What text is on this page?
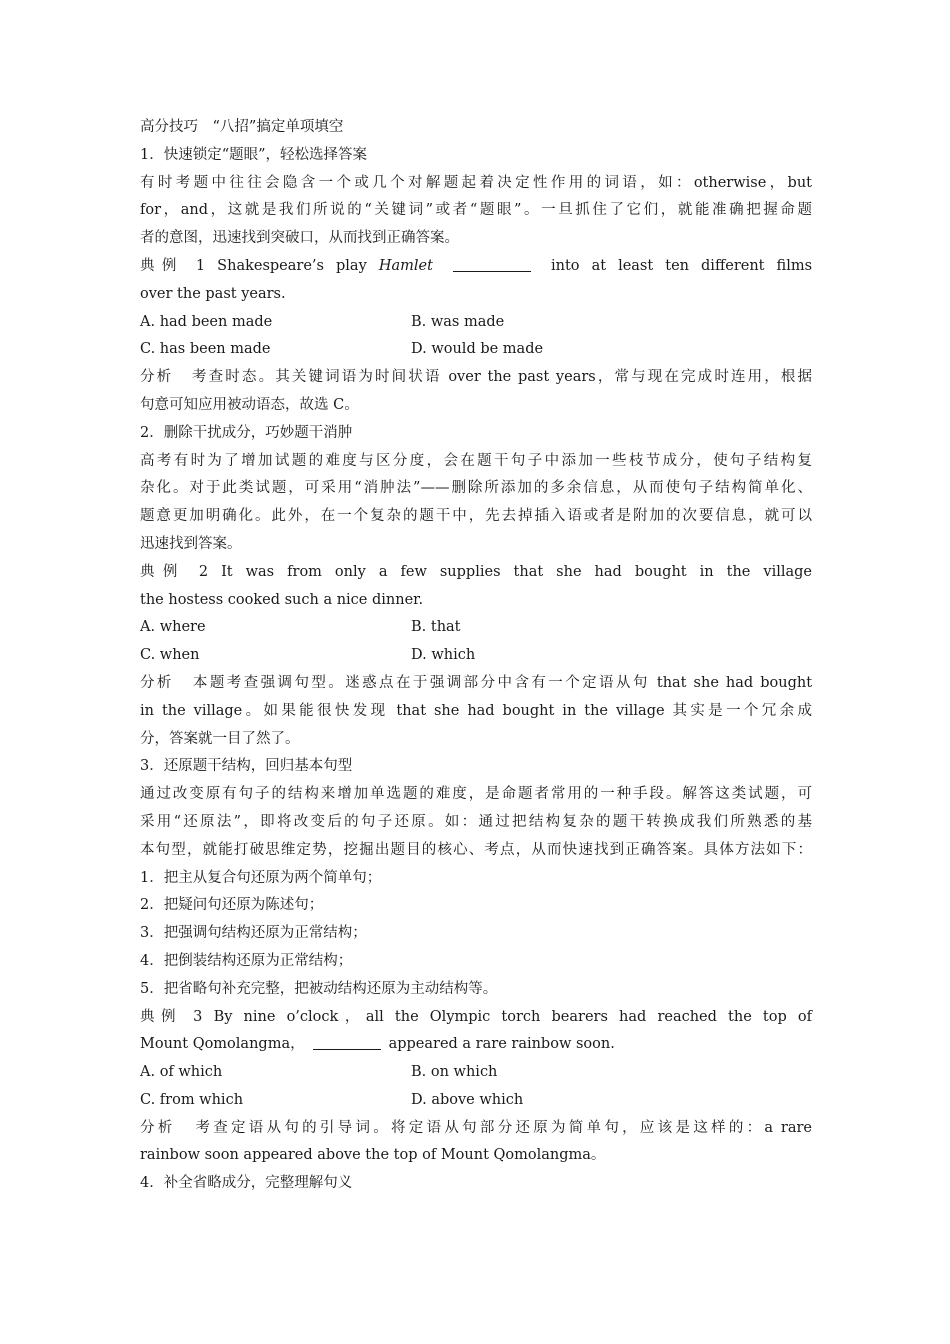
高分技巧　“八招”搞定单项填空
1．快速锁定“题眼”，轻松选择答案
有时考题中往往会隐含一个或几个对解题起着决定性作用的词语，如：otherwise，but
for，and，这就是我们所说的“关键词”或者“题眼”。一旦抓住了它们，就能准确把握命题
者的意图，迅速找到突破口，从而找到正确答案。
典例 1 Shakespeare’s play Hamlet	into at least ten different films
over the past years.
A. had been made	B. was made
C. has been made	D. would be made
分析 考查时态。其关键词语为时间状语 over the past years，常与现在完成时连用，根据
句意可知应用被动语态，故选 C。
2．删除干扰成分，巧妙题干消肿
高考有时为了增加试题的难度与区分度，会在题干句子中添加一些枝节成分，使句子结构复
杂化。对于此类试题，可采用“消肿法”——删除所添加的多余信息，从而使句子结构简单化、
题意更加明确化。此外，在一个复杂的题干中，先去掉插入语或者是附加的次要信息，就可以
迅速找到答案。
典例 2 It was from only a few supplies that she had bought in the village
the hostess cooked such a nice dinner.
A. where	B. that
C. when	D. which
分析 本题考查强调句型。迷惑点在于强调部分中含有一个定语从句 that she had bought
in the village。如果能很快发现 that she had bought in the village 其实是一个冗余成
分，答案就一目了然了。
3．还原题干结构，回归基本句型
通过改变原有句子的结构来增加单选题的难度，是命题者常用的一种手段。解答这类试题，可
采用“还原法”，即将改变后的句子还原。如：通过把结构复杂的题干转换成我们所熟悉的基
本句型，就能打破思维定势，挖掘出题目的核心、考点，从而快速找到正确答案。具体方法如下：
1．把主从复合句还原为两个简单句；
2．把疑问句还原为陈述句；
3．把强调句结构还原为正常结构；
4．把倒装结构还原为正常结构；
5．把省略句补充完整，把被动结构还原为主动结构等。
典例 3 By nine o’clock，all the Olympic torch bearers had reached the top of
Mount Qomolangma，	appeared a rare rainbow soon.
A. of which	B. on which
C. from which	D. above which
分析 考查定语从句的引导词。将定语从句部分还原为简单句，应该是这样的：a rare
rainbow soon appeared above the top of Mount Qomolangma。
4．补全省略成分，完整理解句义
